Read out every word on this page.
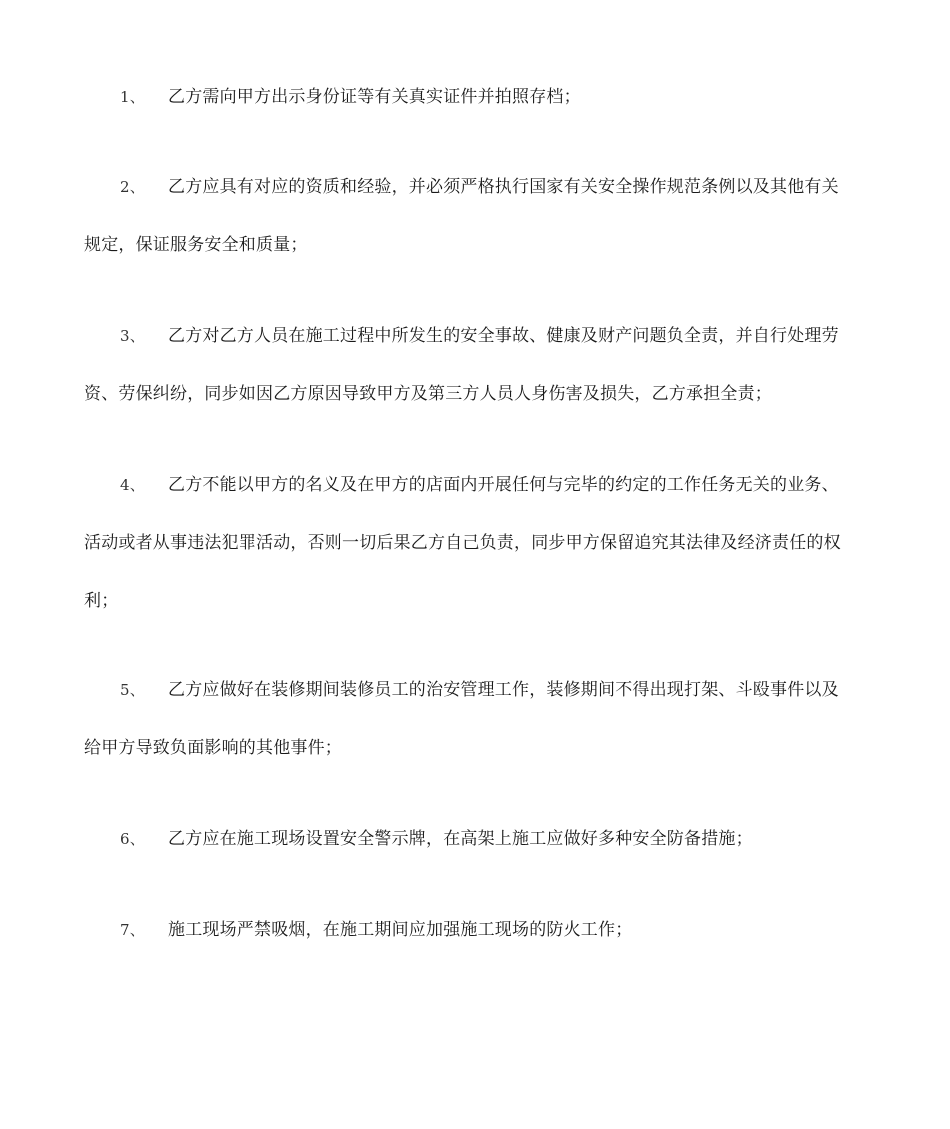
1、 乙方需向甲方出示身份证等有关真实证件并拍照存档；
2、 乙方应具有对应的资质和经验，并必须严格执行国家有关安全操作规范条例以及其他有关规定，保证服务安全和质量；
3、 乙方对乙方人员在施工过程中所发生的安全事故、健康及财产问题负全责，并自行处理劳资、劳保纠纷，同步如因乙方原因导致甲方及第三方人员人身伤害及损失，乙方承担全责；
4、 乙方不能以甲方的名义及在甲方的店面内开展任何与完毕的约定的工作任务无关的业务、活动或者从事违法犯罪活动，否则一切后果乙方自己负责，同步甲方保留追究其法律及经济责任的权利；
5、 乙方应做好在装修期间装修员工的治安管理工作，装修期间不得出现打架、斗殴事件以及给甲方导致负面影响的其他事件；
6、 乙方应在施工现场设置安全警示牌，在高架上施工应做好多种安全防备措施；
7、 施工现场严禁吸烟，在施工期间应加强施工现场的防火工作；
